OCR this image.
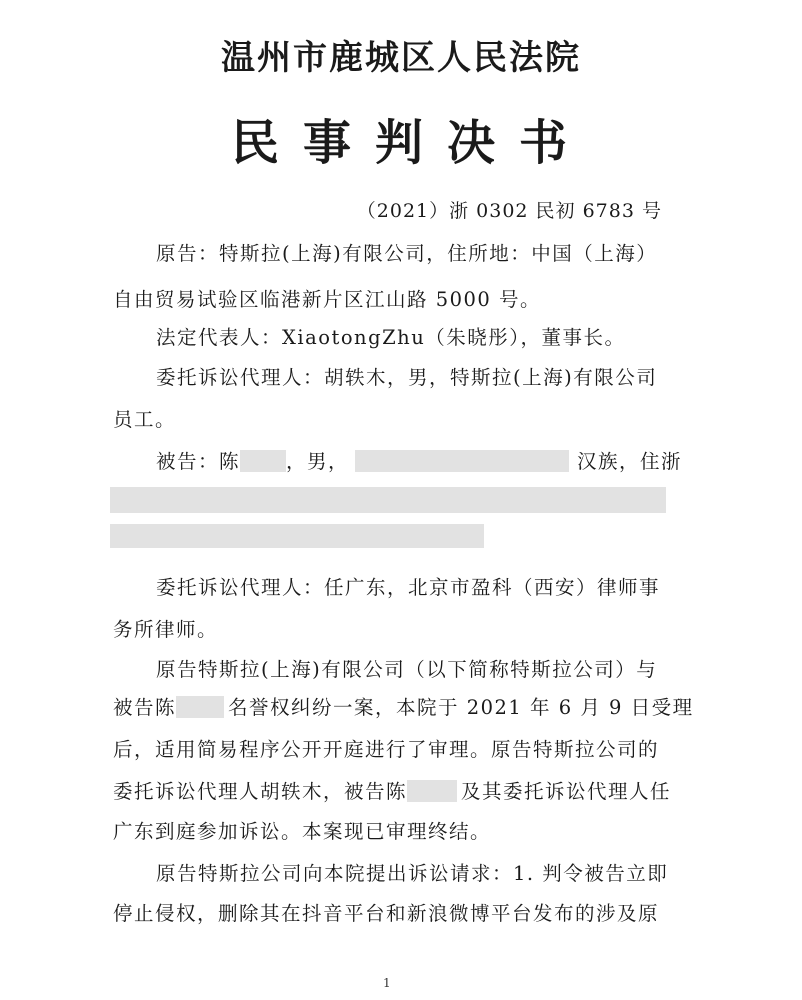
温州市鹿城区人民法院
民事判决书
（2021）浙 0302 民初 6783 号
原告：特斯拉(上海)有限公司，住所地：中国（上海）
自由贸易试验区临港新片区江山路 5000 号。
法定代表人：XiaotongZhu（朱晓彤），董事长。
委托诉讼代理人：胡轶木，男，特斯拉(上海)有限公司
员工。
被告：陈 ，男，	汉族，住浙
委托诉讼代理人：任广东，北京市盈科（西安）律师事
务所律师。
原告特斯拉(上海)有限公司（以下简称特斯拉公司）与
被告陈	名誉权纠纷一案，本院于 2021 年 6 月 9 日受理
后，适用简易程序公开开庭进行了审理。原告特斯拉公司的
委托诉讼代理人胡轶木，被告陈	及其委托诉讼代理人任
广东到庭参加诉讼。本案现已审理终结。
原告特斯拉公司向本院提出诉讼请求：1. 判令被告立即
停止侵权，删除其在抖音平台和新浪微博平台发布的涉及原
1
